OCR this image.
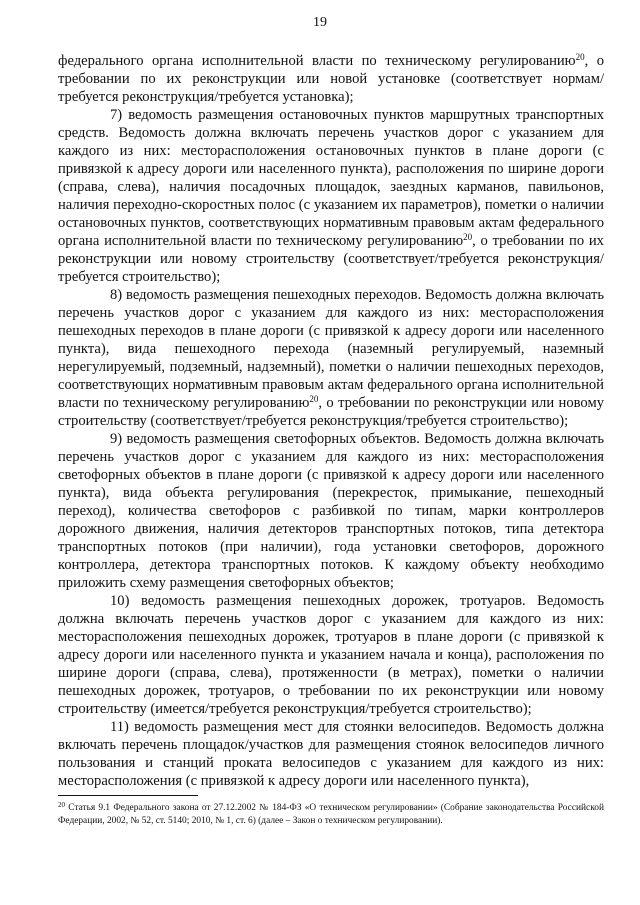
19

федерального органа исполнительной власти по техническому регулированию$^{20}$, о требовании по их реконструкции или новой установке (соответствует нормам/требуется реконструкция/требуется установка);

7) ведомость размещения остановочных пунктов маршрутных транспортных средств. Ведомость должна включать перечень участков дорог с указанием для каждого из них: месторасположения остановочных пунктов в плане дороги (с привязкой к адресу дороги или населенного пункта), расположения по ширине дороги (справа, слева), наличия посадочных площадок, заездных карманов, павильонов, наличия переходно-скоростных полос (с указанием их параметров), пометки о наличии остановочных пунктов, соответствующих нормативным правовым актам федерального органа исполнительной власти по техническому регулированию$^{20}$, о требовании по их реконструкции или новому строительству (соответствует/требуется реконструкция/требуется строительство);

8) ведомость размещения пешеходных переходов. Ведомость должна включать перечень участков дорог с указанием для каждого из них: месторасположения пешеходных переходов в плане дороги (с привязкой к адресу дороги или населенного пункта), вида пешеходного перехода (наземный регулируемый, наземный нерегулируемый, подземный, надземный), пометки о наличии пешеходных переходов, соответствующих нормативным правовым актам федерального органа исполнительной власти по техническому регулированию$^{20}$, о требовании по реконструкции или новому строительству (соответствует/требуется реконструкция/требуется строительство);

9) ведомость размещения светофорных объектов. Ведомость должна включать перечень участков дорог с указанием для каждого из них: месторасположения светофорных объектов в плане дороги (с привязкой к адресу дороги или населенного пункта), вида объекта регулирования (перекресток, примыкание, пешеходный переход), количества светофоров с разбивкой по типам, марки контроллеров дорожного движения, наличия детекторов транспортных потоков, типа детектора транспортных потоков (при наличии), года установки светофоров, дорожного контроллера, детектора транспортных потоков. К каждому объекту необходимо приложить схему размещения светофорных объектов;

10) ведомость размещения пешеходных дорожек, тротуаров. Ведомость должна включать перечень участков дорог с указанием для каждого из них: месторасположения пешеходных дорожек, тротуаров в плане дороги (с привязкой к адресу дороги или населенного пункта и указанием начала и конца), расположения по ширине дороги (справа, слева), протяженности (в метрах), пометки о наличии пешеходных дорожек, тротуаров, о требовании по их реконструкции или новому строительству (имеется/требуется реконструкция/требуется строительство);

11) ведомость размещения мест для стоянки велосипедов. Ведомость должна включать перечень площадок/участков для размещения стоянок велосипедов личного пользования и станций проката велосипедов с указанием для каждого из них: месторасположения (с привязкой к адресу дороги или населенного пункта),

$^{20}$ Статья 9.1 Федерального закона от 27.12.2002 № 184-ФЗ «О техническом регулировании» (Собрание законодательства Российской Федерации, 2002, № 52, ст. 5140; 2010, № 1, ст. 6) (далее – Закон о техническом регулировании).
